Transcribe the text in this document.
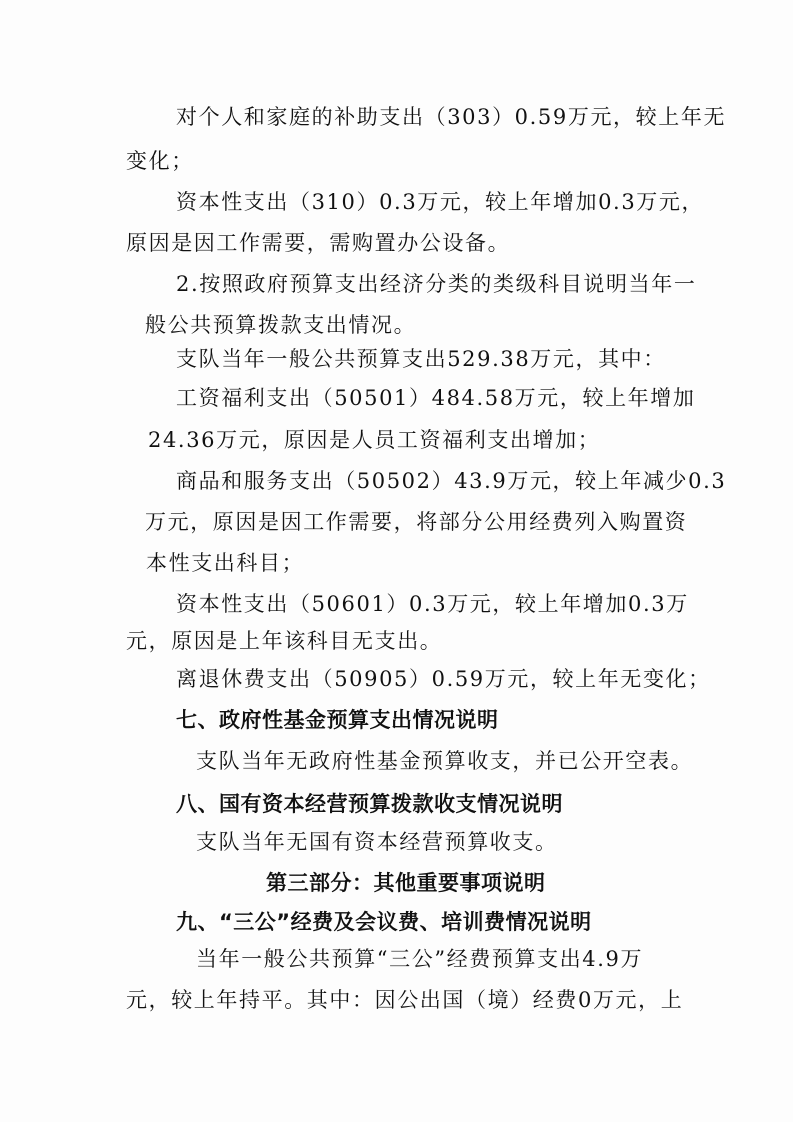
对个人和家庭的补助支出（303）0.59万元，较上年无
变化；
资本性支出（310）0.3万元，较上年增加0.3万元，
原因是因工作需要，需购置办公设备。
2.按照政府预算支出经济分类的类级科目说明当年一
般公共预算拨款支出情况。
支队当年一般公共预算支出529.38万元，其中：
工资福利支出（50501）484.58万元，较上年增加
24.36万元，原因是人员工资福利支出增加；
商品和服务支出（50502）43.9万元，较上年减少0.3
万元，原因是因工作需要，将部分公用经费列入购置资
本性支出科目；
资本性支出（50601）0.3万元，较上年增加0.3万
元，原因是上年该科目无支出。
离退休费支出（50905）0.59万元，较上年无变化；
七、政府性基金预算支出情况说明
支队当年无政府性基金预算收支，并已公开空表。
八、国有资本经营预算拨款收支情况说明
支队当年无国有资本经营预算收支。
第三部分：其他重要事项说明
九、“三公”经费及会议费、培训费情况说明
当年一般公共预算“三公”经费预算支出4.9万
元，较上年持平。其中：因公出国（境）经费0万元，上
